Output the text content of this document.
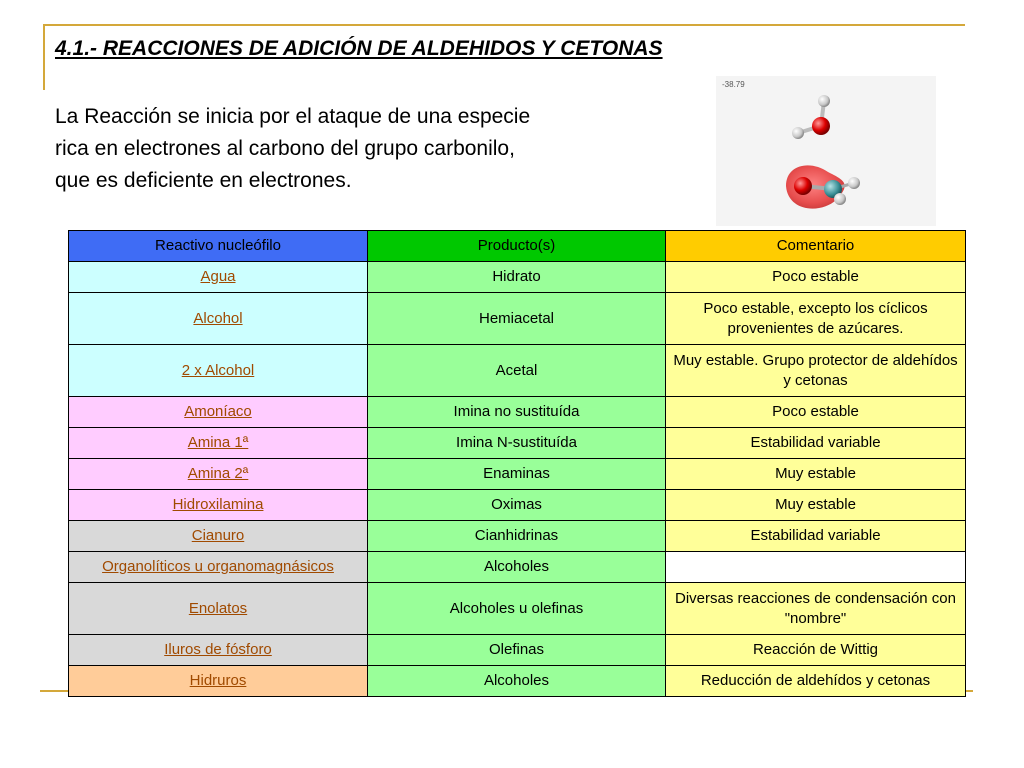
4.1.- REACCIONES DE ADICIÓN DE ALDEHIDOS Y CETONAS
La Reacción se inicia por el ataque de una especie rica en electrones al carbono del grupo carbonilo, que es deficiente en electrones.
-38.79
Reactivo nucleófilo	Producto(s)	Comentario
Agua	Hidrato	Poco estable
Alcohol	Hemiacetal	Poco estable, excepto los cíclicos provenientes de azúcares.
2 x Alcohol	Acetal	Muy estable. Grupo protector de aldehídos y cetonas
Amoníaco	Imina no sustituída	Poco estable
Amina 1ª	Imina N-sustituída	Estabilidad variable
Amina 2ª	Enaminas	Muy estable
Hidroxilamina	Oximas	Muy estable
Cianuro	Cianhidrinas	Estabilidad variable
Organolíticos u organomagnásicos	Alcoholes	
Enolatos	Alcoholes u olefinas	Diversas reacciones de condensación con "nombre"
Iluros de fósforo	Olefinas	Reacción de Wittig
Hidruros	Alcoholes	Reducción de aldehídos y cetonas
